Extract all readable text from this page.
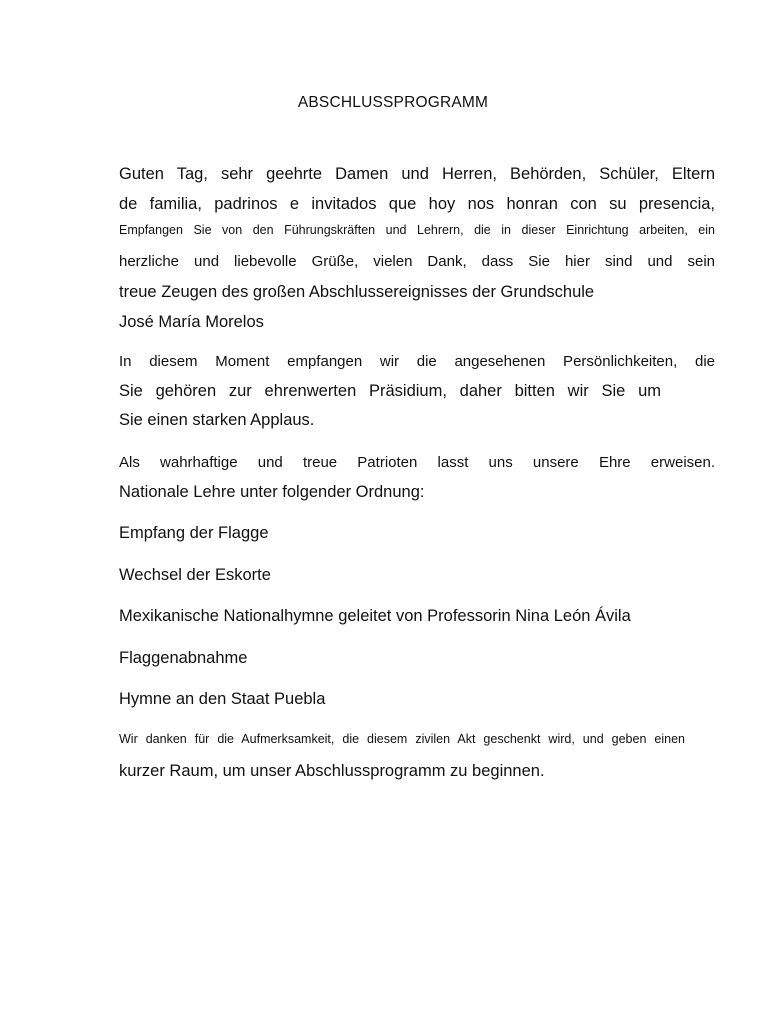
ABSCHLUSSPROGRAMM
Guten Tag, sehr geehrte Damen und Herren, Behörden, Schüler, Eltern
de familia, padrinos e invitados que hoy nos honran con su presencia,
Empfangen Sie von den Führungskräften und Lehrern, die in dieser Einrichtung arbeiten, ein
herzliche und liebevolle Grüße, vielen Dank, dass Sie hier sind und sein
treue Zeugen des großen Abschlussereignisses der Grundschule
José María Morelos
In diesem Moment empfangen wir die angesehenen Persönlichkeiten, die
Sie gehören zur ehrenwerten Präsidium, daher bitten wir Sie um
Sie einen starken Applaus.
Als wahrhaftige und treue Patrioten lasst uns unsere Ehre erweisen.
Nationale Lehre unter folgender Ordnung:
Empfang der Flagge
Wechsel der Eskorte
Mexikanische Nationalhymne geleitet von Professorin Nina León Ávila
Flaggenabnahme
Hymne an den Staat Puebla
Wir danken für die Aufmerksamkeit, die diesem zivilen Akt geschenkt wird, und geben einen
kurzer Raum, um unser Abschlussprogramm zu beginnen.
